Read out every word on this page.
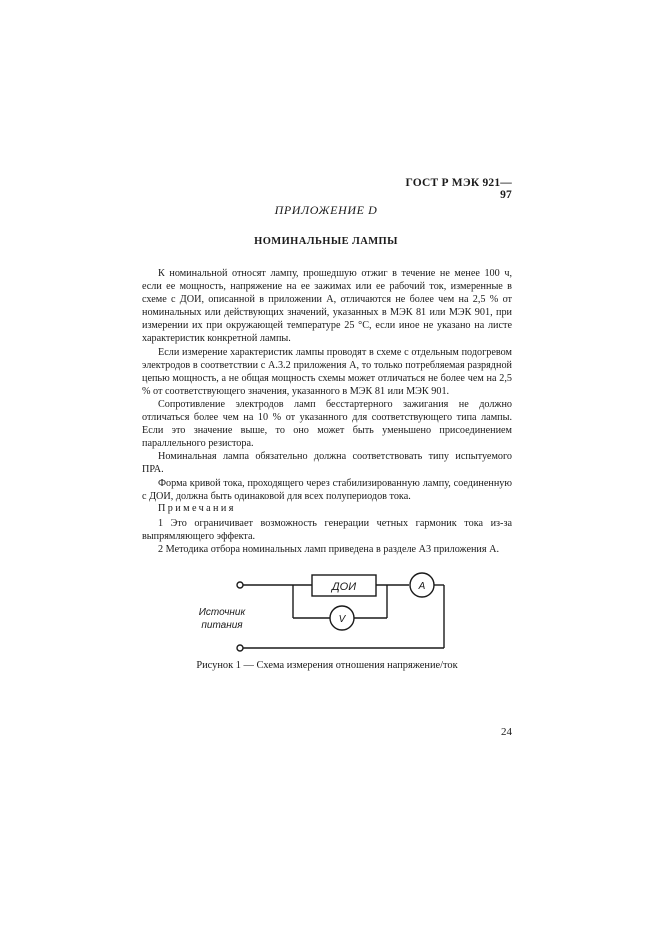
ГОСТ Р МЭК 921—97
ПРИЛОЖЕНИЕ D
НОМИНАЛЬНЫЕ ЛАМПЫ

К номинальной относят лампу, прошедшую отжиг в течение не менее 100 ч, если ее мощность, напряжение на ее зажимах или ее рабочий ток, измеренные в схеме с ДОИ, описанной в приложении А, отличаются не более чем на 2,5 % от номинальных или действующих значений, указанных в МЭК 81 или МЭК 901, при измерении их при окружающей температуре 25 °С, если иное не указано на листе характеристик конкретной лампы.

Если измерение характеристик лампы проводят в схеме с отдельным подогревом электродов в соответствии с А.3.2 приложения А, то только потребляемая разрядной цепью мощность, а не общая мощность схемы может отличаться не более чем на 2,5 % от соответствующего значения, указанного в МЭК 81 или МЭК 901.

Сопротивление электродов ламп бесстартерного зажигания не должно отличаться более чем на 10 % от указанного для соответствующего типа лампы. Если это значение выше, то оно может быть уменьшено присоединением параллельного резистора.

Номинальная лампа обязательно должна соответствовать типу испытуемого ПРА.

Форма кривой тока, проходящего через стабилизированную лампу, соединенную с ДОИ, должна быть одинаковой для всех полупериодов тока.

Примечания

1 Это ограничивает возможность генерации четных гармоник тока из-за выпрямляющего эффекта.

2 Методика отбора номинальных ламп приведена в разделе А3 приложения А.

ДОИ	А
V
Источник
питания
Рисунок 1 — Схема измерения отношения напряжение/ток
24
